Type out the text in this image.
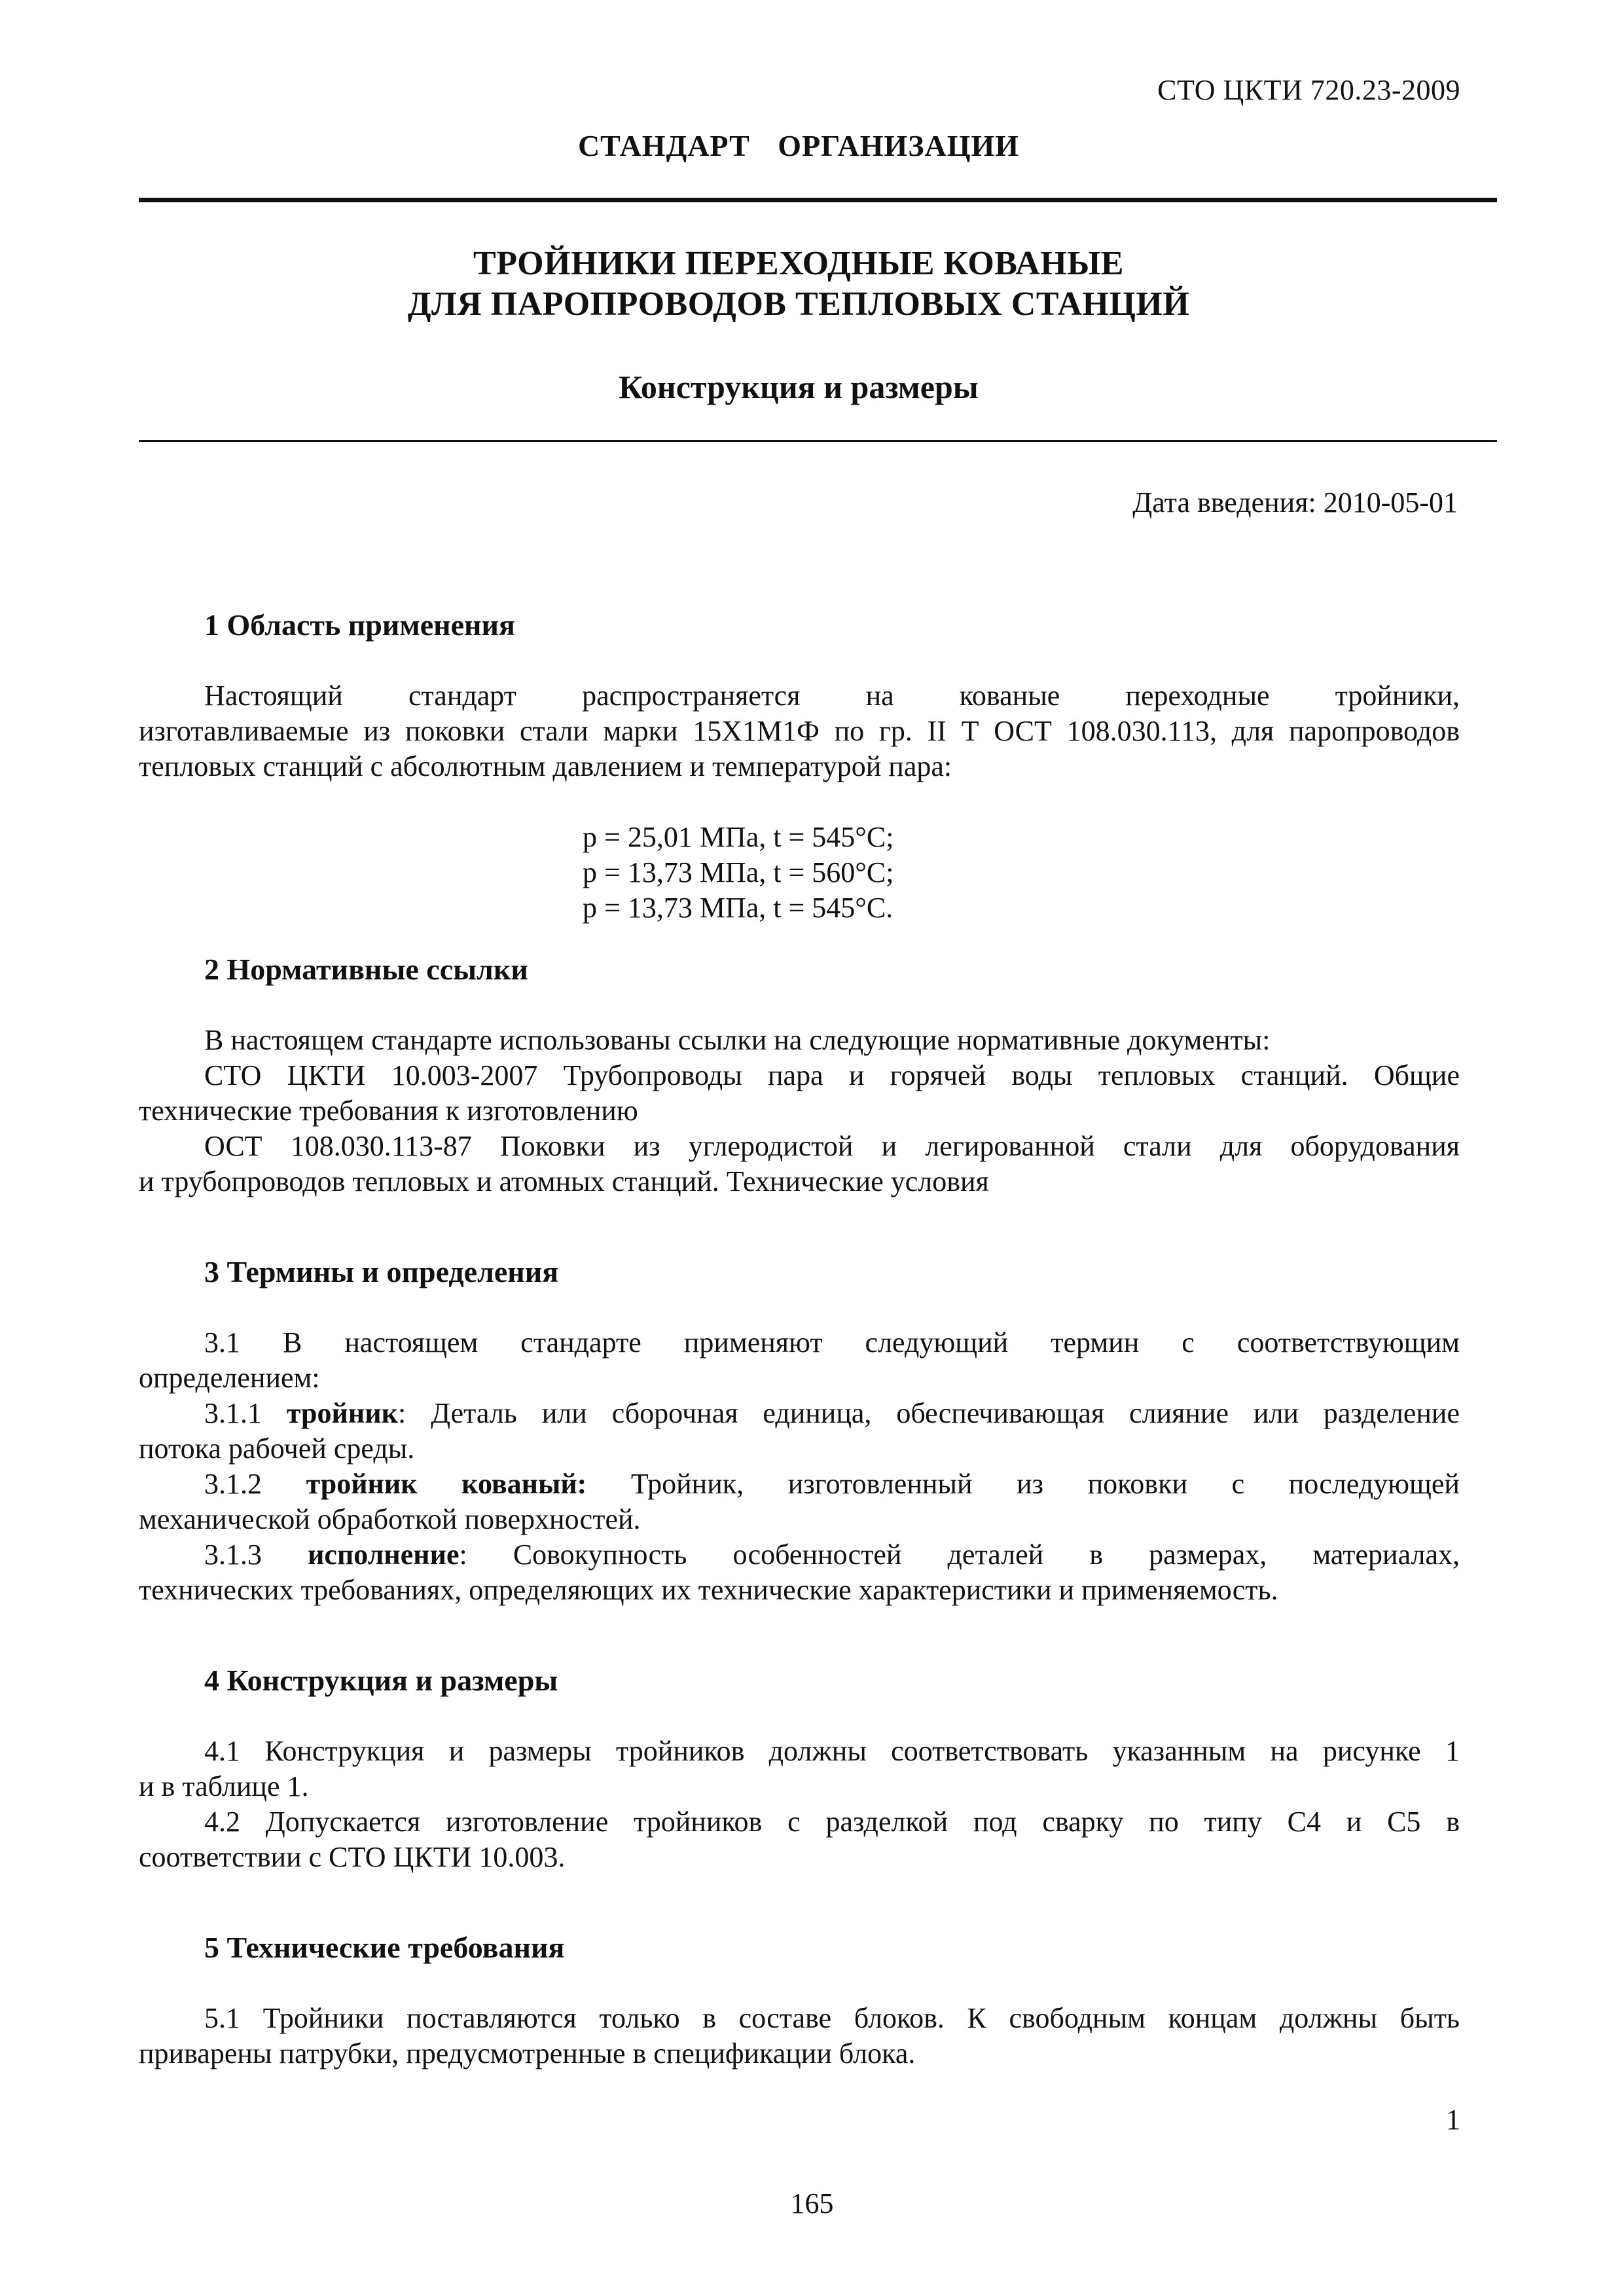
СТО ЦКТИ 720.23-2009
СТАНДАРТ ОРГАНИЗАЦИИ
ТРОЙНИКИ ПЕРЕХОДНЫЕ КОВАНЫЕ
ДЛЯ ПАРОПРОВОДОВ ТЕПЛОВЫХ СТАНЦИЙ
Конструкция и размеры
Дата введения: 2010-05-01
1 Область применения
Настоящий стандарт распространяется на кованые переходные тройники,
изготавливаемые из поковки стали марки 15Х1М1Ф по гр. II Т ОСТ 108.030.113, для паропроводов тепловых станций с абсолютным давлением и температурой пара:
р = 25,01 МПа, t = 545°С;
р = 13,73 МПа, t = 560°С;
р = 13,73 МПа, t = 545°С.
2 Нормативные ссылки
В настоящем стандарте использованы ссылки на следующие нормативные документы:
СТО ЦКТИ 10.003-2007 Трубопроводы пара и горячей воды тепловых станций. Общие
технические требования к изготовлению
ОСТ 108.030.113-87 Поковки из углеродистой и легированной стали для оборудования
и трубопроводов тепловых и атомных станций. Технические условия
3 Термины и определения
3.1 В настоящем стандарте применяют следующий термин с соответствующим
определением:
3.1.1 тройник: Деталь или сборочная единица, обеспечивающая слияние или разделение
потока рабочей среды.
3.1.2 тройник кованый: Тройник, изготовленный из поковки с последующей
механической обработкой поверхностей.
3.1.3 исполнение: Совокупность особенностей деталей в размерах, материалах,
технических требованиях, определяющих их технические характеристики и применяемость.
4 Конструкция и размеры
4.1 Конструкция и размеры тройников должны соответствовать указанным на рисунке 1
и в таблице 1.
4.2 Допускается изготовление тройников с разделкой под сварку по типу С4 и С5 в
соответствии с СТО ЦКТИ 10.003.
5 Технические требования
5.1 Тройники поставляются только в составе блоков. К свободным концам должны быть
приварены патрубки, предусмотренные в спецификации блока.
1
165
